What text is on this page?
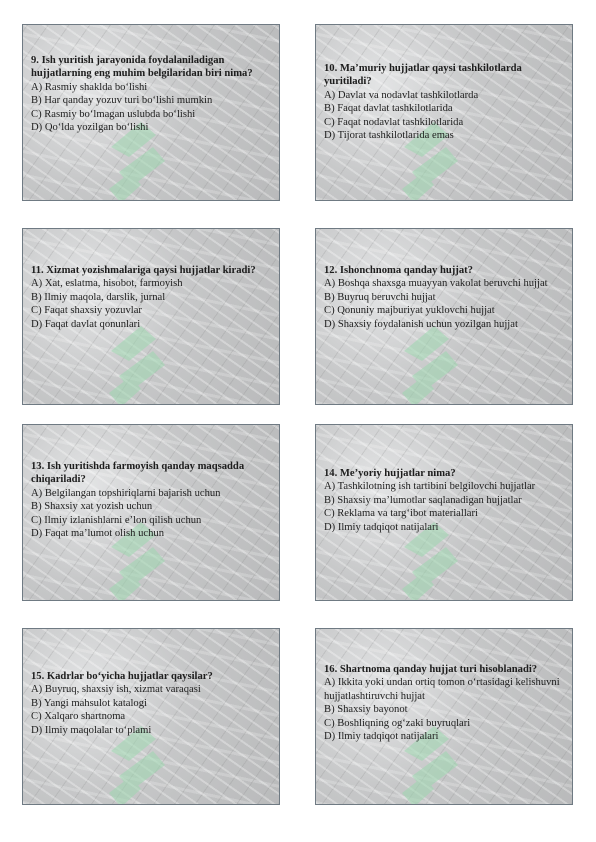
9. Ish yuritish jarayonida foydalaniladigan hujjatlarning eng muhim belgilaridan biri nima?

A) Rasmiy shaklda bo‘lishi

B) Har qanday yozuv turi bo‘lishi mumkin

C) Rasmiy bo‘lmagan uslubda bo‘lishi

D) Qo‘lda yozilgan bo‘lishi

10. Ma’muriy hujjatlar qaysi tashkilotlarda yuritiladi?

A) Davlat va nodavlat tashkilotlarda

B) Faqat davlat tashkilotlarida

C) Faqat nodavlat tashkilotlarida

D) Tijorat tashkilotlarida emas

11. Xizmat yozishmalariga qaysi hujjatlar kiradi?

A) Xat, eslatma, hisobot, farmoyish

B) Ilmiy maqola, darslik, jurnal

C) Faqat shaxsiy yozuvlar

D) Faqat davlat qonunlari

12. Ishonchnoma qanday hujjat?

A) Boshqa shaxsga muayyan vakolat beruvchi hujjat

B) Buyruq beruvchi hujjat

C) Qonuniy majburiyat yuklovchi hujjat

D) Shaxsiy foydalanish uchun yozilgan hujjat

13. Ish yuritishda farmoyish qanday maqsadda chiqariladi?

A) Belgilangan topshiriqlarni bajarish uchun

B) Shaxsiy xat yozish uchun

C) Ilmiy izlanishlarni e’lon qilish uchun

D) Faqat ma’lumot olish uchun

14. Me’yoriy hujjatlar nima?

A) Tashkilotning ish tartibini belgilovchi hujjatlar

B) Shaxsiy ma’lumotlar saqlanadigan hujjatlar

C) Reklama va targ‘ibot materiallari

D) Ilmiy tadqiqot natijalari

15. Kadrlar bo‘yicha hujjatlar qaysilar?

A) Buyruq, shaxsiy ish, xizmat varaqasi

B) Yangi mahsulot katalogi

C) Xalqaro shartnoma

D) Ilmiy maqolalar to‘plami

16. Shartnoma qanday hujjat turi hisoblanadi?

A) Ikkita yoki undan ortiq tomon o‘rtasidagi kelishuvni hujjatlashtiruvchi hujjat

B) Shaxsiy bayonot

C) Boshliqning og‘zaki buyruqlari

D) Ilmiy tadqiqot natijalari
